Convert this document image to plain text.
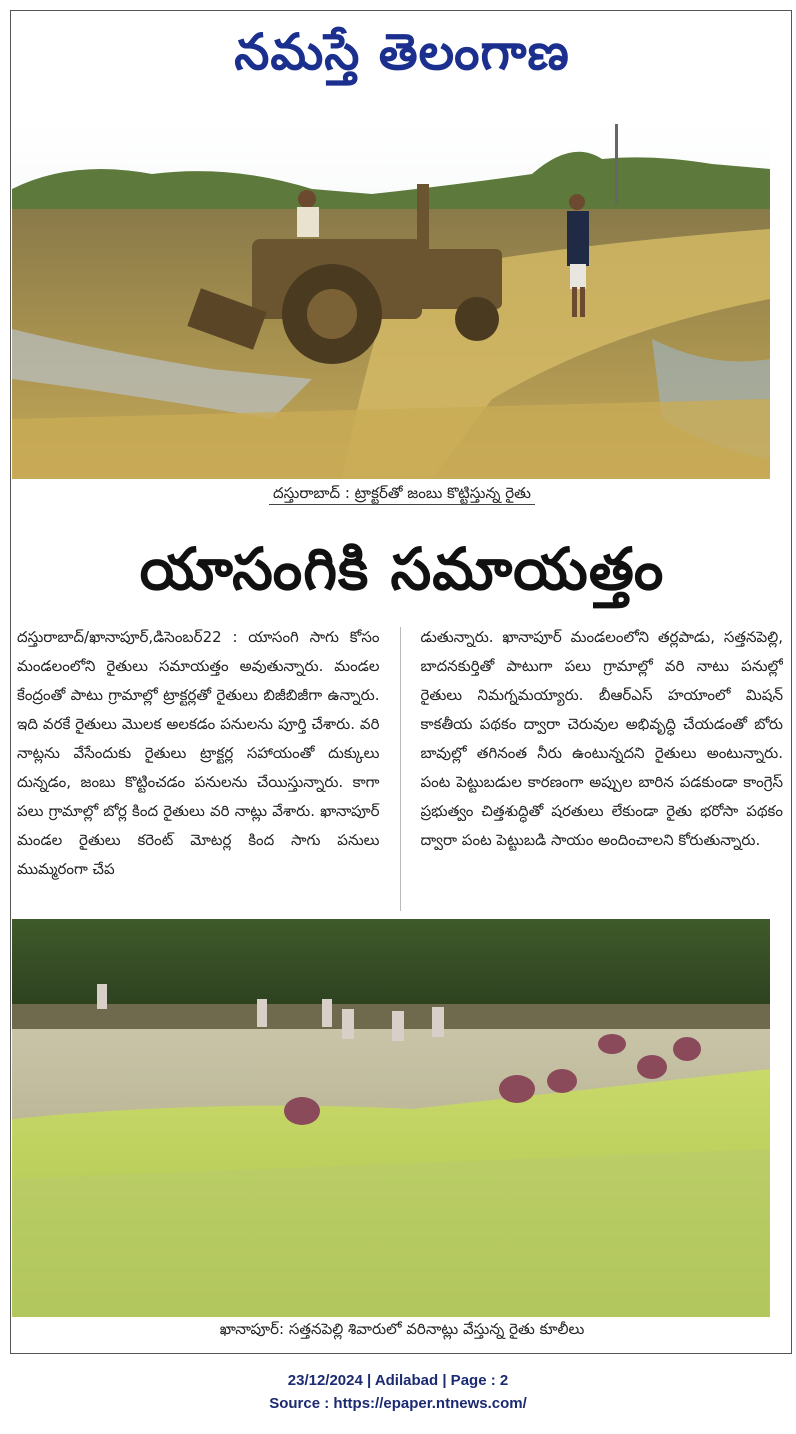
నమస్తే తెలంగాణ
దస్తురాబాద్ : ట్రాక్టర్‌తో జంబు కొట్టిస్తున్న రైతు
యాసంగికి సమాయత్తం

దస్తురాబాద్/ఖానాపూర్,డిసెంబర్22 : యాసంగి సాగు కోసం మండలంలోని రైతులు సమాయత్తం అవుతున్నారు. మండల కేంద్రంతో పాటు గ్రామాల్లో ట్రాక్టర్లతో రైతులు బిజీబిజీగా ఉన్నారు. ఇది వరకే రైతులు మొలక అలకడం పనులను పూర్తి చేశారు. వరి నాట్లను వేసేందుకు రైతులు ట్రాక్టర్ల సహాయంతో దుక్కులు దున్నడం, జంబు కొట్టించడం పనులను చేయిస్తున్నారు. కాగా పలు గ్రామాల్లో బోర్ల కింద రైతులు వరి నాట్లు వేశారు. ఖానాపూర్ మండల రైతులు కరెంట్ మోటర్ల కింద సాగు పనులు ముమ్మరంగా చేప

డుతున్నారు. ఖానాపూర్ మండలంలోని తర్లపాడు, సత్తనపెల్లి, బాదనకుర్తితో పాటుగా పలు గ్రామాల్లో వరి నాటు పనుల్లో రైతులు నిమగ్నమయ్యారు. బీఆర్‌ఎస్ హయాంలో మిషన్ కాకతీయ పథకం ద్వారా చెరువుల అభివృద్ధి చేయడంతో బోరు బావుల్లో తగినంత నీరు ఉంటున్నదని రైతులు అంటున్నారు. పంట పెట్టుబడుల కారణంగా అప్పుల బారిన పడకుండా కాంగ్రెస్ ప్రభుత్వం చిత్తశుద్ధితో షరతులు లేకుండా రైతు భరోసా పథకం ద్వారా పంట పెట్టుబడి సాయం అందించాలని కోరుతున్నారు.

ఖానాపూర్: సత్తనపెల్లి శివారులో వరినాట్లు వేస్తున్న రైతు కూలీలు
23/12/2024 | Adilabad | Page : 2
Source : https://epaper.ntnews.com/
